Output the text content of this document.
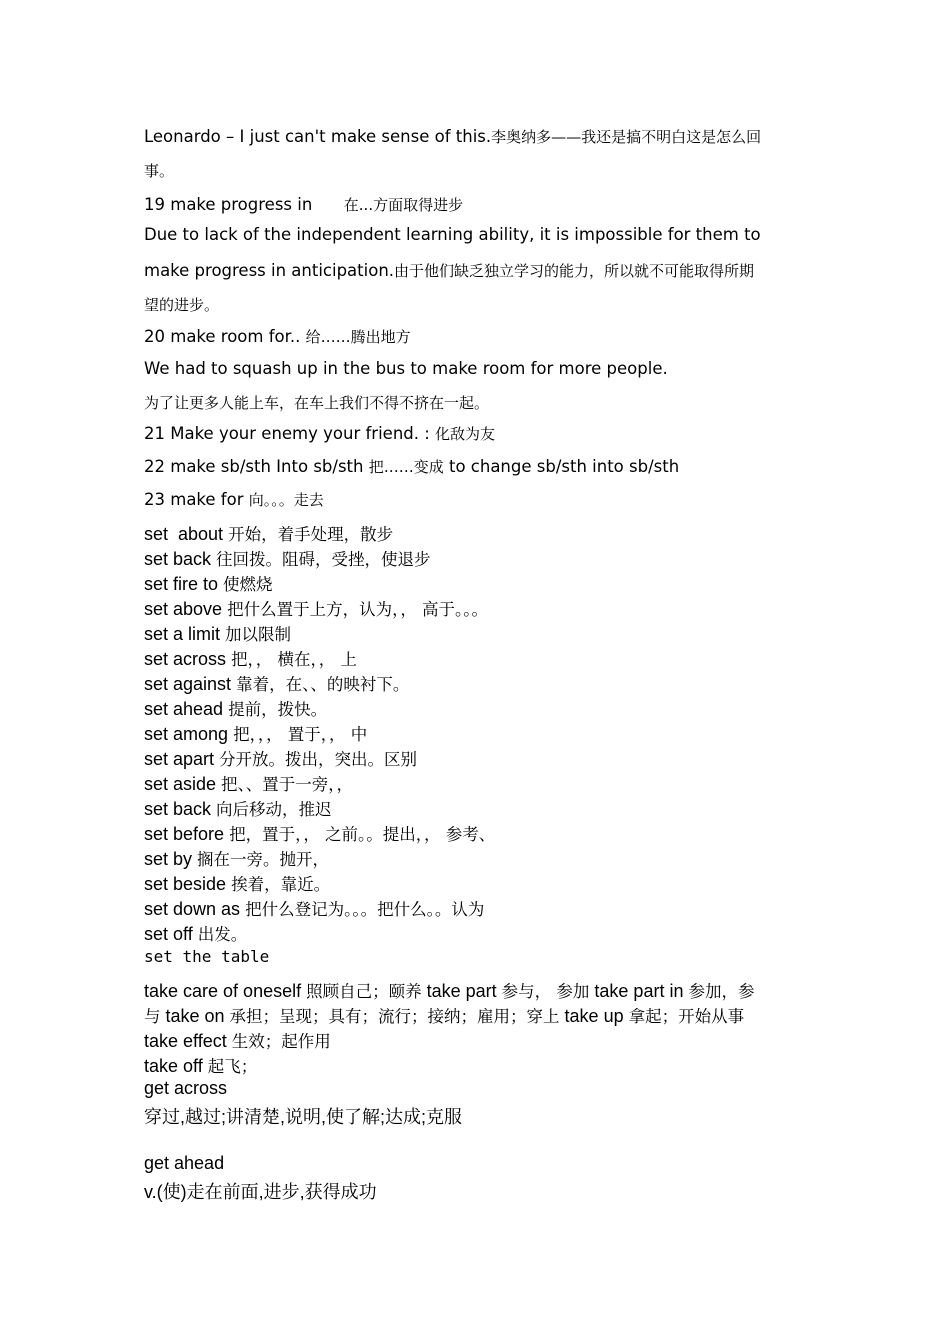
Leonardo – I just can't make sense of this.李奥纳多——我还是搞不明白这是怎么回
事。
19 make progress in      在...方面取得进步
Due to lack of the independent learning ability, it is impossible for them to
make progress in anticipation.由于他们缺乏独立学习的能力，所以就不可能取得所期
望的进步。
20 make room for.. 给……腾出地方
We had to squash up in the bus to make room for more people.
为了让更多人能上车，在车上我们不得不挤在一起。
21 Make your enemy your friend. : 化敌为友
22 make sb/sth Into sb/sth 把……变成 to change sb/sth into sb/sth
23 make for 向。。。走去
set  about 开始，着手处理，散步
set back 往回拨。阻碍，受挫，使退步
set fire to 使燃烧
set above 把什么置于上方，认为，， 高于。。。
set a limit 加以限制
set across 把，， 横在，， 上
set against 靠着，在、、的映衬下。
set ahead 提前，拨快。
set among 把，，， 置于，， 中
set apart 分开放。拨出，突出。区别
set aside 把、、置于一旁，，
set back 向后移动，推迟
set before 把，置于，， 之前。。提出，， 参考、
set by 搁在一旁。抛开，
set beside 挨着，靠近。
set down as 把什么登记为。。。把什么。。认为
set off 出发。
set the table
take care of oneself 照顾自己；颐养 take part 参与， 参加 take part in 参加，参
与 take on 承担；呈现；具有；流行；接纳；雇用；穿上 take up 拿起；开始从事
take effect 生效；起作用
take off 起飞；
get across
穿过,越过;讲清楚,说明,使了解;达成;克服
get ahead
v.(使)走在前面,进步,获得成功
